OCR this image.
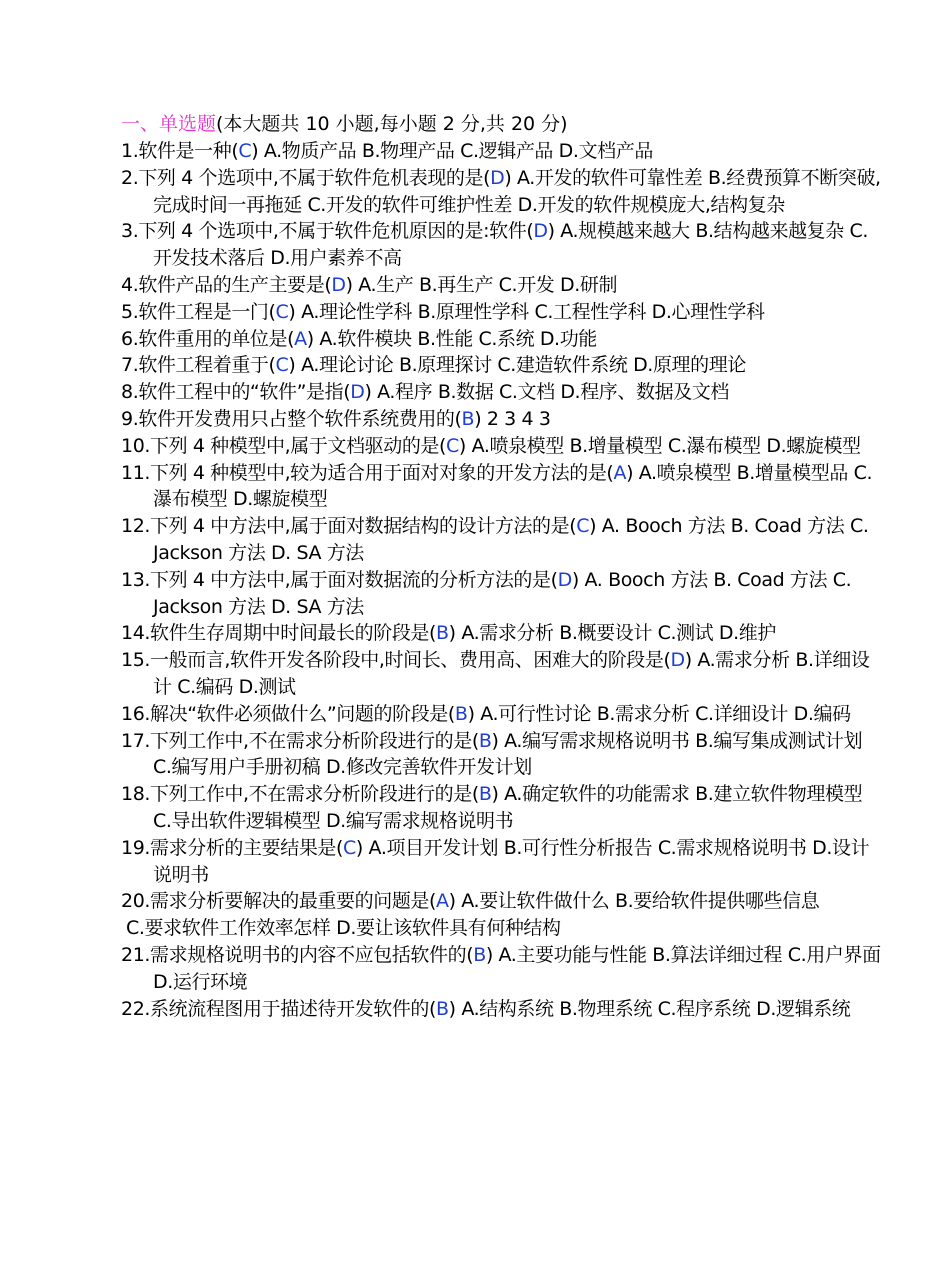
一、单选题(本大题共 10 小题,每小题 2 分,共 20 分)
1.软件是一种(C) A.物质产品 B.物理产品 C.逻辑产品 D.文档产品
2.下列 4 个选项中,不属于软件危机表现的是(D) A.开发的软件可靠性差 B.经费预算不断突破,完成时间一再拖延 C.开发的软件可维护性差 D.开发的软件规模庞大,结构复杂
3.下列 4 个选项中,不属于软件危机原因的是:软件(D) A.规模越来越大 B.结构越来越复杂 C.开发技术落后 D.用户素养不高
4.软件产品的生产主要是(D) A.生产 B.再生产 C.开发 D.研制
5.软件工程是一门(C) A.理论性学科 B.原理性学科 C.工程性学科 D.心理性学科
6.软件重用的单位是(A) A.软件模块 B.性能 C.系统 D.功能
7.软件工程着重于(C) A.理论讨论 B.原理探讨 C.建造软件系统 D.原理的理论
8.软件工程中的“软件”是指(D) A.程序 B.数据 C.文档 D.程序、数据及文档
9.软件开发费用只占整个软件系统费用的(B) 2 3 4 3
10.下列 4 种模型中,属于文档驱动的是(C) A.喷泉模型 B.增量模型 C.瀑布模型 D.螺旋模型
11.下列 4 种模型中,较为适合用于面对对象的开发方法的是(A) A.喷泉模型 B.增量模型品 C.瀑布模型 D.螺旋模型
12.下列 4 中方法中,属于面对数据结构的设计方法的是(C) A. Booch 方法 B. Coad 方法 C. Jackson 方法 D. SA 方法
13.下列 4 中方法中,属于面对数据流的分析方法的是(D) A. Booch 方法 B. Coad 方法 C. Jackson 方法 D. SA 方法
14.软件生存周期中时间最长的阶段是(B) A.需求分析 B.概要设计 C.测试 D.维护
15.一般而言,软件开发各阶段中,时间长、费用高、困难大的阶段是(D) A.需求分析 B.详细设计 C.编码 D.测试
16.解决“软件必须做什么”问题的阶段是(B) A.可行性讨论 B.需求分析 C.详细设计 D.编码
17.下列工作中,不在需求分析阶段进行的是(B) A.编写需求规格说明书 B.编写集成测试计划 C.编写用户手册初稿 D.修改完善软件开发计划
18.下列工作中,不在需求分析阶段进行的是(B) A.确定软件的功能需求 B.建立软件物理模型 C.导出软件逻辑模型 D.编写需求规格说明书
19.需求分析的主要结果是(C) A.项目开发计划 B.可行性分析报告 C.需求规格说明书 D.设计说明书
20.需求分析要解决的最重要的问题是(A) A.要让软件做什么 B.要给软件提供哪些信息
C.要求软件工作效率怎样 D.要让该软件具有何种结构
21.需求规格说明书的内容不应包括软件的(B) A.主要功能与性能 B.算法详细过程 C.用户界面 D.运行环境
22.系统流程图用于描述待开发软件的(B) A.结构系统 B.物理系统 C.程序系统 D.逻辑系统
